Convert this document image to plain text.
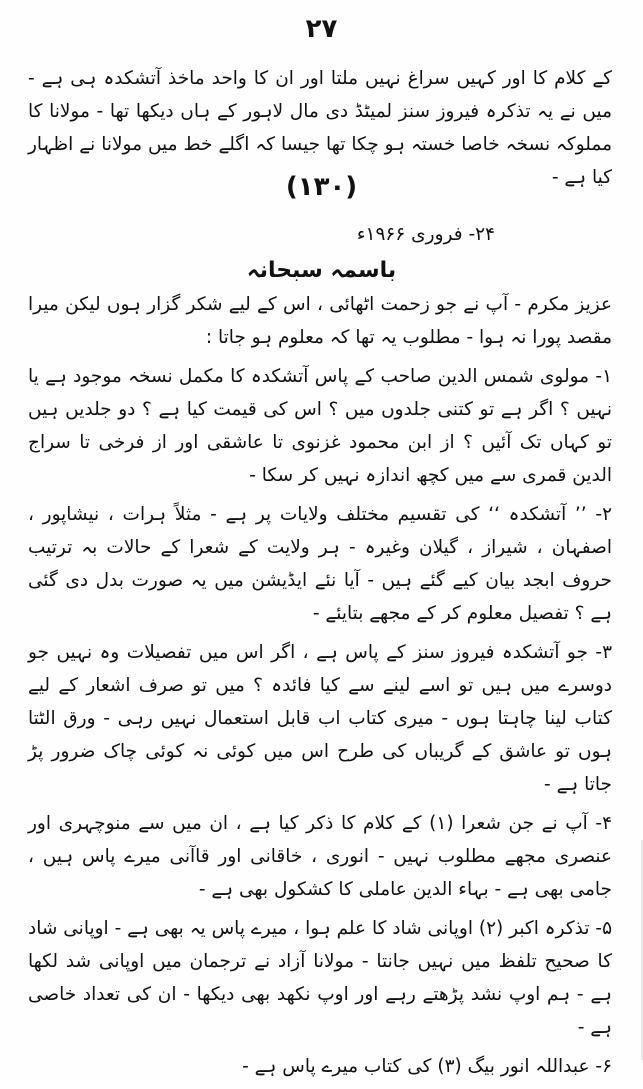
۲۷

کے کلام کا اور کہیں سراغ نہیں ملتا اور ان کا واحد ماخذ آتشکدہ ہی ہے - میں نے یہ تذکرہ فیروز سنز لمیٹڈ دی مال لاہور کے ہاں دیکھا تھا - مولانا کا مملوکہ نسخہ خاصا خستہ ہو چکا تھا جیسا کہ اگلے خط میں مولانا نے اظہار کیا ہے -

(۱۳۰)
۲۴- فروری ۱۹۶۶ء
باسمہ سبحانہ

عزیز مکرم - آپ نے جو زحمت اٹھائی ، اس کے لیے شکر گزار ہوں لیکن میرا مقصد پورا نہ ہوا - مطلوب یہ تھا کہ معلوم ہو جاتا :

۱- مولوی شمس الدین صاحب کے پاس آتشکدہ کا مکمل نسخہ موجود ہے یا نہیں ؟ اگر ہے تو کتنی جلدوں میں ؟ اس کی قیمت کیا ہے ؟ دو جلدیں ہیں تو کہاں تک آئیں ؟ از ابن محمود غزنوی تا عاشقی اور از فرخی تا سراج الدین قمری سے میں کچھ اندازہ نہیں کر سکا -

۲- ’’ آتشکدہ ‘‘ کی تقسیم مختلف ولایات پر ہے - مثلاً ہرات ، نیشاپور ، اصفہان ، شیراز ، گیلان وغیرہ - ہر ولایت کے شعرا کے حالات بہ ترتیب حروف ابجد بیان کیے گئے ہیں - آیا نئے ایڈیشن میں یہ صورت بدل دی گئی ہے ؟ تفصیل معلوم کر کے مجھے بتایئے -

۳- جو آتشکدہ فیروز سنز کے پاس ہے ، اگر اس میں تفصیلات وہ نہیں جو دوسرے میں ہیں تو اسے لینے سے کیا فائدہ ؟ میں تو صرف اشعار کے لیے کتاب لینا چاہتا ہوں - میری کتاب اب قابل استعمال نہیں رہی - ورق الٹتا ہوں تو عاشق کے گریباں کی طرح اس میں کوئی نہ کوئی چاک ضرور پڑ جاتا ہے -

۴- آپ نے جن شعرا (۱) کے کلام کا ذکر کیا ہے ، ان میں سے منوچہری اور عنصری مجھے مطلوب نہیں - انوری ، خاقانی اور قاآنی میرے پاس ہیں ، جامی بھی ہے - بہاء الدین عاملی کا کشکول بھی ہے -

۵- تذکرہ اکبر (۲) اوپانی شاد کا علم ہوا ، میرے پاس یہ بھی ہے - اوپانی شاد کا صحیح تلفظ میں نہیں جانتا - مولانا آزاد نے ترجمان میں اوپانی شد لکھا ہے - ہم اوپ نشد پڑھتے رہے اور اوپ نکھد بھی دیکھا - ان کی تعداد خاصی ہے -

۶- عبداللہ انور بیگ (۳) کی کتاب میرے پاس ہے -
